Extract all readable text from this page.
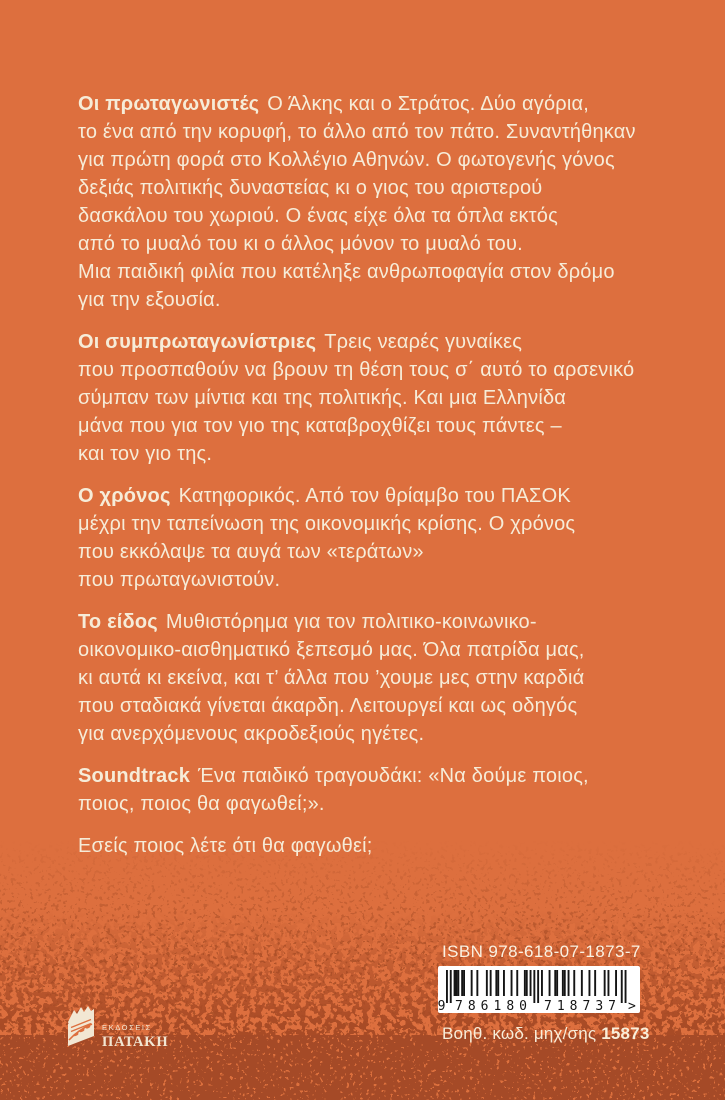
Οι πρωταγωνιστές Ο Άλκης και ο Στράτος. Δύο αγόρια,
το ένα από την κορυφή, το άλλο από τον πάτο. Συναντήθηκαν
για πρώτη φορά στο Κολλέγιο Αθηνών. Ο φωτογενής γόνος
δεξιάς πολιτικής δυναστείας κι ο γιος του αριστερού
δασκάλου του χωριού. Ο ένας είχε όλα τα όπλα εκτός
από το μυαλό του κι ο άλλος μόνον το μυαλό του.
Μια παιδική φιλία που κατέληξε ανθρωποφαγία στον δρόμο
για την εξουσία.
Οι συμπρωταγωνίστριες Τρεις νεαρές γυναίκες
που προσπαθούν να βρουν τη θέση τους σ΄ αυτό το αρσενικό
σύμπαν των μίντια και της πολιτικής. Και μια Ελληνίδα
μάνα που για τον γιο της καταβροχθίζει τους πάντες –
και τον γιο της.
Ο χρόνος Κατηφορικός. Από τον θρίαμβο του ΠΑΣΟΚ
μέχρι την ταπείνωση της οικονομικής κρίσης. Ο χρόνος
που εκκόλαψε τα αυγά των «τεράτων»
που πρωταγωνιστούν.
Το είδος Μυθιστόρημα για τον πολιτικο-κοινωνικο-
οικονομικο-αισθηματικό ξεπεσμό μας. Όλα πατρίδα μας,
κι αυτά κι εκείνα, και τ’ άλλα που ’χουμε μες στην καρδιά
που σταδιακά γίνεται άκαρδη. Λειτουργεί και ως οδηγός
για ανερχόμενους ακροδεξιούς ηγέτες.
Soundtrack Ένα παιδικό τραγουδάκι: «Να δούμε ποιος,
ποιος, ποιος θα φαγωθεί;».
ΕΚΔΟΣΕΙΣ
ΠΑΤΑΚΗ
ISBN 978-618-07-1873-7
9 786180 718737 >
Βοηθ. κωδ. μηχ/σης 15873
